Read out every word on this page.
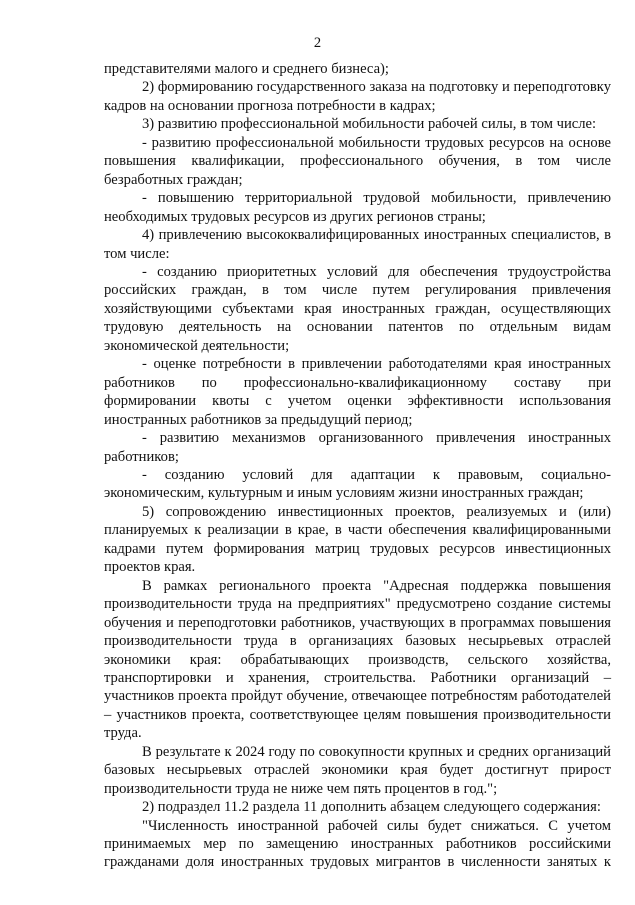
2

представителями малого и среднего бизнеса);

2) формированию государственного заказа на подготовку и переподготовку кадров на основании прогноза потребности в кадрах;

3) развитию профессиональной мобильности рабочей силы, в том числе:

- развитию профессиональной мобильности трудовых ресурсов на основе повышения квалификации, профессионального обучения, в том числе безработных граждан;

- повышению территориальной трудовой мобильности, привлечению необходимых трудовых ресурсов из других регионов страны;

4) привлечению высококвалифицированных иностранных специалистов, в том числе:

- созданию приоритетных условий для обеспечения трудоустройства российских граждан, в том числе путем регулирования привлечения хозяйствующими субъектами края иностранных граждан, осуществляющих трудовую деятельность на основании патентов по отдельным видам экономической деятельности;

- оценке потребности в привлечении работодателями края иностранных работников по профессионально-квалификационному составу при формировании квоты с учетом оценки эффективности использования иностранных работников за предыдущий период;

- развитию механизмов организованного привлечения иностранных работников;

- созданию условий для адаптации к правовым, социально-экономическим, культурным и иным условиям жизни иностранных граждан;

5) сопровождению инвестиционных проектов, реализуемых и (или) планируемых к реализации в крае, в части обеспечения квалифицированными кадрами путем формирования матриц трудовых ресурсов инвестиционных проектов края.

В рамках регионального проекта "Адресная поддержка повышения производительности труда на предприятиях" предусмотрено создание системы обучения и переподготовки работников, участвующих в программах повышения производительности труда в организациях базовых несырьевых отраслей экономики края: обрабатывающих производств, сельского хозяйства, транспортировки и хранения, строительства. Работники организаций – участников проекта пройдут обучение, отвечающее потребностям работодателей – участников проекта, соответствующее целям повышения производительности труда.

В результате к 2024 году по совокупности крупных и средних организаций базовых несырьевых отраслей экономики края будет достигнут прирост производительности труда не ниже чем пять процентов в год.";

2) подраздел 11.2 раздела 11 дополнить абзацем следующего содержания:

"Численность иностранной рабочей силы будет снижаться. С учетом принимаемых мер по замещению иностранных работников российскими гражданами доля иностранных трудовых мигрантов в численности занятых к
